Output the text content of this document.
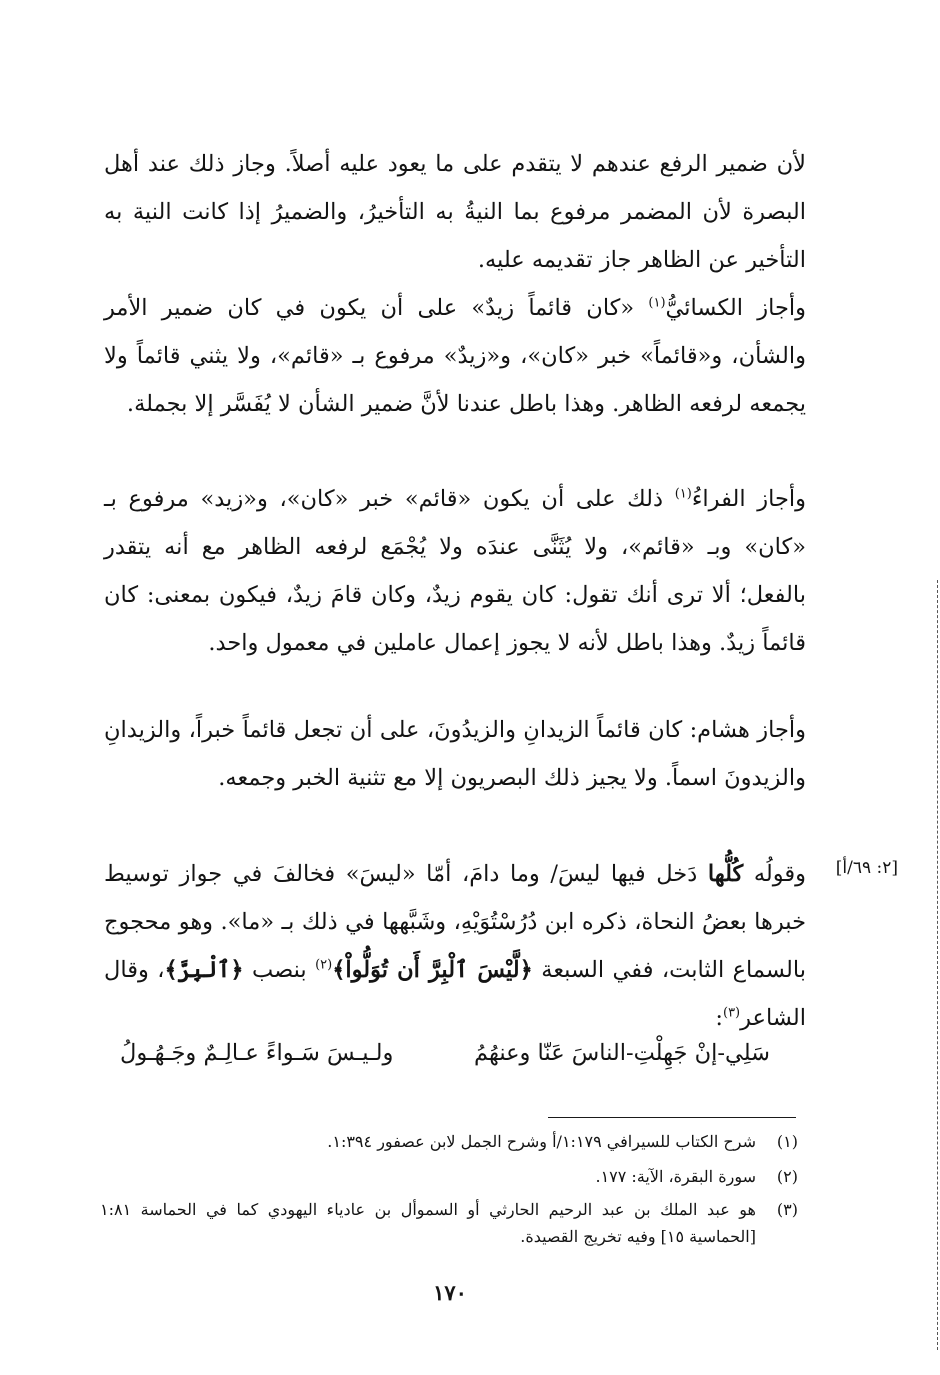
لأن ضمير الرفع عندهم لا يتقدم على ما يعود عليه أصلاً. وجاز ذلك عند أهل البصرة لأن المضمر مرفوع بما النيةُ به التأخيرُ، والضميرُ إذا كانت النية به التأخير عن الظاهر جاز تقديمه عليه.

وأجاز الكسائيُّ$^{(١)}$ «كان قائماً زيدٌ» على أن يكون في كان ضمير الأمر والشأن، و«قائماً» خبر «كان»، و«زيدٌ» مرفوع بـ «قائم»، ولا يثني قائماً ولا يجمعه لرفعه الظاهر. وهذا باطل عندنا لأنَّ ضمير الشأن لا يُفَسَّر إلا بجملة.

وأجاز الفراءُ$^{(١)}$ ذلك على أن يكون «قائم» خبر «كان»، و«زيد» مرفوع بـ «كان» وبـ «قائم»، ولا يُثَنَّى عندَه ولا يُجْمَع لرفعه الظاهر مع أنه يتقدر بالفعل؛ ألا ترى أنك تقول: كان يقوم زيدٌ، وكان قامَ زيدٌ، فيكون بمعنى: كان قائماً زيدٌ. وهذا باطل لأنه لا يجوز إعمال عاملين في معمول واحد.

وأجاز هشام: كان قائماً الزيدانِ والزيدُونَ، على أن تجعل قائماً خبراً، والزيدانِ والزيدونَ اسماً. ولا يجيز ذلك البصريون إلا مع تثنية الخبر وجمعه.

[٢: ٦٩/أ]

وقولُه كُلُّها دَخل فيها ليسَ/ وما دامَ، أمّا «ليسَ» فخالفَ في جواز توسيط خبرها بعضُ النحاة، ذكره ابن دُرُسْتُوَيْهِ، وشَبَّهها في ذلك بـ «ما». وهو محجوج بالسماع الثابت، ففي السبعة ﴿لَّيْسَ ٱلْبِرَّ أَن تُوَلُّواْ﴾$^{(٢)}$ بنصب ﴿ٱلْبِرَّ﴾، وقال الشاعر$^{(٣)}$:

سَلِي-إنْ جَهِلْتِ-الناسَ عَنّا وعنهُمُ
ولـيـسَ سَـواءً عـالِـمٌ وجَـهُـولُ
(١)
شرح الكتاب للسيرافي ١:١٧٩/أ وشرح الجمل لابن عصفور ١:٣٩٤.
(٢)
سورة البقرة، الآية: ١٧٧.
(٣)
هو عبد الملك بن عبد الرحيم الحارثي أو السموأل بن عادياء اليهودي كما في الحماسة ١:٨١ [الحماسية ١٥] وفيه تخريج القصيدة.
١٧٠
